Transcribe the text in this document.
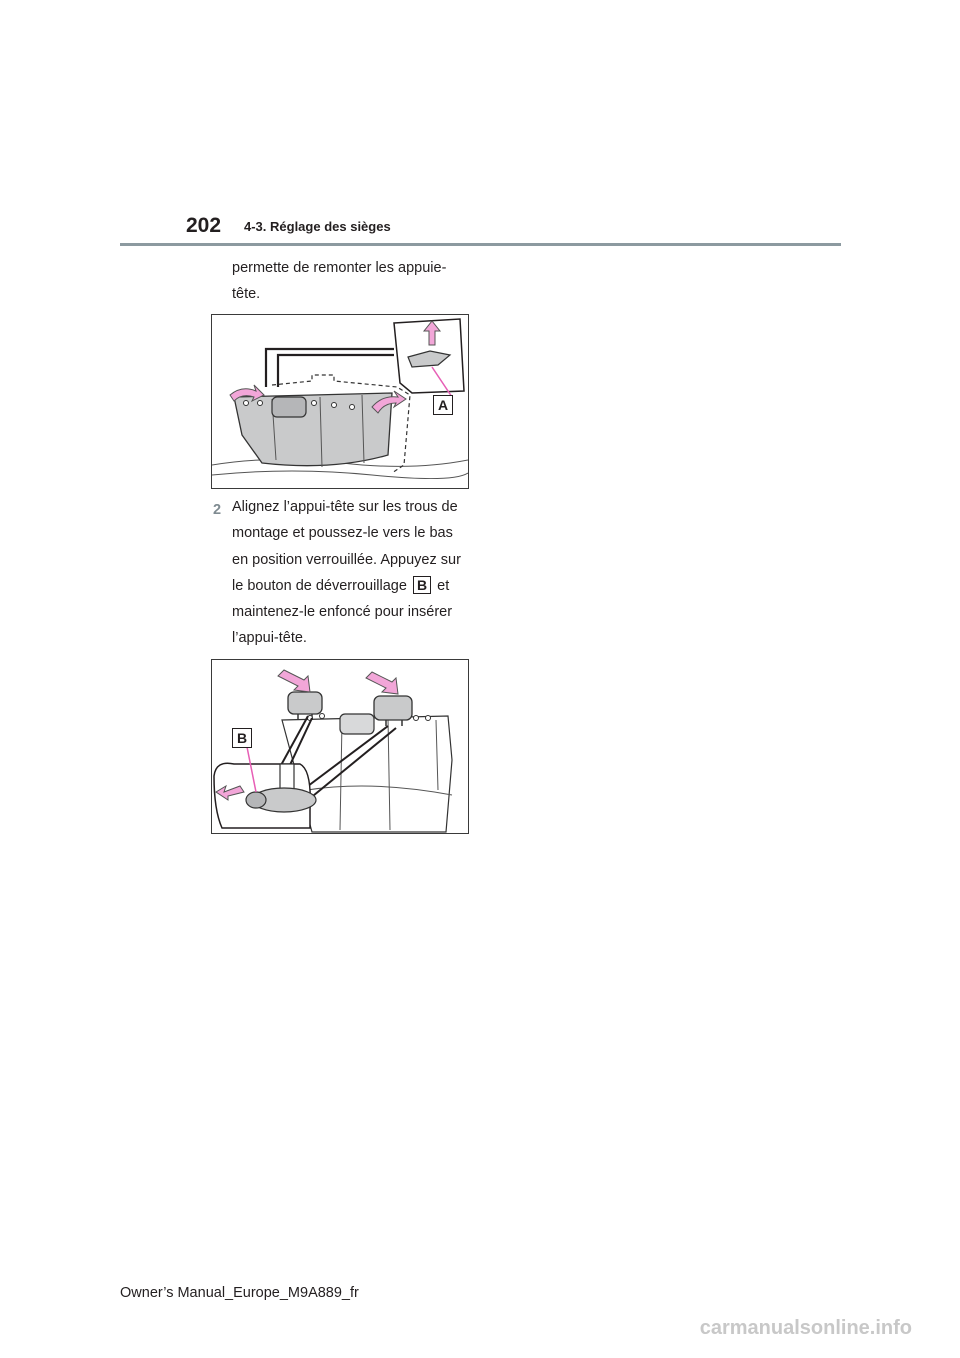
202 4-3. Réglage des sièges
permette de remonter les appuie-
tête.
A
2 Alignez l’appui-tête sur les trous de
montage et poussez-le vers le bas
en position verrouillée. Appuyez sur
le bouton de déverrouillage B et
maintenez-le enfoncé pour insérer
l’appui-tête.
B
Owner’s Manual_Europe_M9A889_fr
carmanualsonline.info
